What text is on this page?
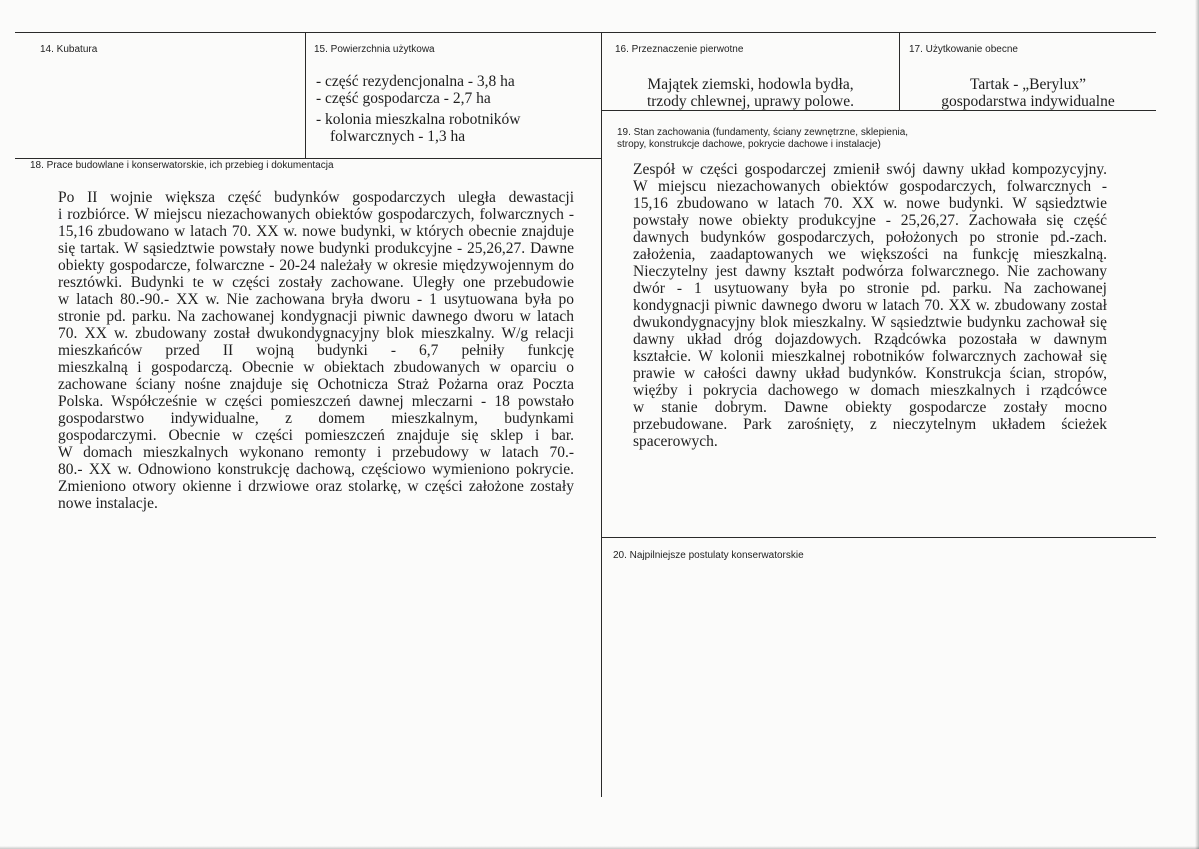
14. Kubatura	15. Powierzchnia użytkowa
- część rezydencjonalna - 3,8 ha
- część gospodarcza - 2,7 ha
- kolonia mieszkalna robotników
folwarcznych - 1,3 ha
16. Przeznaczenie pierwotne
Majątek ziemski, hodowla bydła,
trzody chlewnej, uprawy polowe.
17. Użytkowanie obecne
Tartak - „Berylux”
gospodarstwa indywidualne
18. Prace budowlane i konserwatorskie, ich przebieg i dokumentacja
Po II wojnie większa część budynków gospodarczych uległa dewastacji
i rozbiórce. W miejscu niezachowanych obiektów gospodarczych, folwarcznych -
15,16 zbudowano w latach 70. XX w. nowe budynki, w których obecnie znajduje
się tartak. W sąsiedztwie powstały nowe budynki produkcyjne - 25,26,27. Dawne
obiekty gospodarcze, folwarczne - 20-24 należały w okresie międzywojennym do
resztówki. Budynki te w części zostały zachowane. Uległy one przebudowie
w latach 80.-90.- XX w. Nie zachowana bryła dworu - 1 usytuowana była po
stronie pd. parku. Na zachowanej kondygnacji piwnic dawnego dworu w latach
70. XX w. zbudowany został dwukondygnacyjny blok mieszkalny. W/g relacji
mieszkańców przed II wojną budynki - 6,7 pełniły funkcję
mieszkalną i gospodarczą. Obecnie w obiektach zbudowanych w oparciu o
zachowane ściany nośne znajduje się Ochotnicza Straż Pożarna oraz Poczta
Polska. Współcześnie w części pomieszczeń dawnej mleczarni - 18 powstało
gospodarstwo indywidualne, z domem mieszkalnym, budynkami
gospodarczymi. Obecnie w części pomieszczeń znajduje się sklep i bar.
W domach mieszkalnych wykonano remonty i przebudowy w latach 70.-
80.- XX w. Odnowiono konstrukcję dachową, częściowo wymieniono pokrycie.
Zmieniono otwory okienne i drzwiowe oraz stolarkę, w części założone zostały
nowe instalacje.
19. Stan zachowania (fundamenty, ściany zewnętrzne, sklepienia,
stropy, konstrukcje dachowe, pokrycie dachowe i instalacje)
Zespół w części gospodarczej zmienił swój dawny układ kompozycyjny.
W miejscu niezachowanych obiektów gospodarczych, folwarcznych -
15,16 zbudowano w latach 70. XX w. nowe budynki. W sąsiedztwie
powstały nowe obiekty produkcyjne - 25,26,27. Zachowała się część
dawnych budynków gospodarczych, położonych po stronie pd.-zach.
założenia, zaadaptowanych we większości na funkcję mieszkalną.
Nieczytelny jest dawny kształt podwórza folwarcznego. Nie zachowany
dwór - 1 usytuowany była po stronie pd. parku. Na zachowanej
kondygnacji piwnic dawnego dworu w latach 70. XX w. zbudowany został
dwukondygnacyjny blok mieszkalny. W sąsiedztwie budynku zachował się
dawny układ dróg dojazdowych. Rządcówka pozostała w dawnym
kształcie. W kolonii mieszkalnej robotników folwarcznych zachował się
prawie w całości dawny układ budynków. Konstrukcja ścian, stropów,
więźby i pokrycia dachowego w domach mieszkalnych i rządcówce
w stanie dobrym. Dawne obiekty gospodarcze zostały mocno
przebudowane. Park zarośnięty, z nieczytelnym układem ścieżek
spacerowych.
20. Najpilniejsze postulaty konserwatorskie
